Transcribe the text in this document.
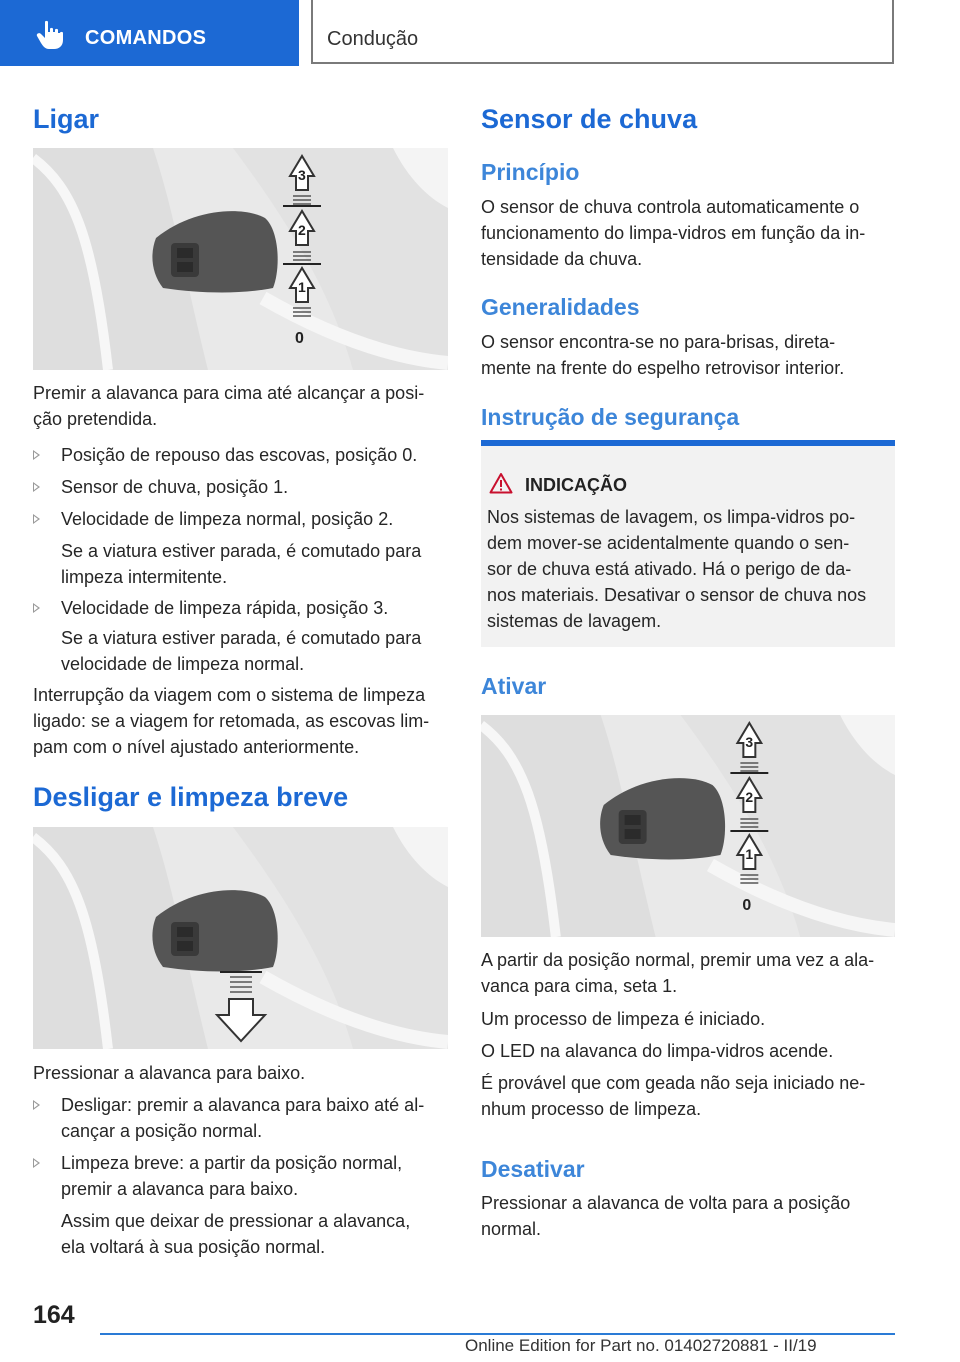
COMANDOS	Condução
Ligar
3
2
1
0
Premir a alavanca para cima até alcançar a posi-
ção pretendida.
Posição de repouso das escovas, posição 0.
Sensor de chuva, posição 1.
Velocidade de limpeza normal, posição 2.
Se a viatura estiver parada, é comutado para
limpeza intermitente.
Velocidade de limpeza rápida, posição 3.
Se a viatura estiver parada, é comutado para
velocidade de limpeza normal.
Interrupção da viagem com o sistema de limpeza
ligado: se a viagem for retomada, as escovas lim-
pam com o nível ajustado anteriormente.
Desligar e limpeza breve
Pressionar a alavanca para baixo.
Desligar: premir a alavanca para baixo até al-
cançar a posição normal.
Limpeza breve: a partir da posição normal,
premir a alavanca para baixo.
Assim que deixar de pressionar a alavanca,
ela voltará à sua posição normal.
Sensor de chuva
Princípio
O sensor de chuva controla automaticamente o
funcionamento do limpa-vidros em função da in-
tensidade da chuva.
Generalidades
O sensor encontra-se no para-brisas, direta-
mente na frente do espelho retrovisor interior.
Instrução de segurança
INDICAÇÃO
Nos sistemas de lavagem, os limpa-vidros po-
dem mover-se acidentalmente quando o sen-
sor de chuva está ativado. Há o perigo de da-
nos materiais. Desativar o sensor de chuva nos
sistemas de lavagem.
Ativar
3
2
1
0
A partir da posição normal, premir uma vez a ala-
vanca para cima, seta 1.
Um processo de limpeza é iniciado.
O LED na alavanca do limpa-vidros acende.
É provável que com geada não seja iniciado ne-
nhum processo de limpeza.
Desativar
Pressionar a alavanca de volta para a posição
normal.
164
Online Edition for Part no. 01402720881 - II/19
